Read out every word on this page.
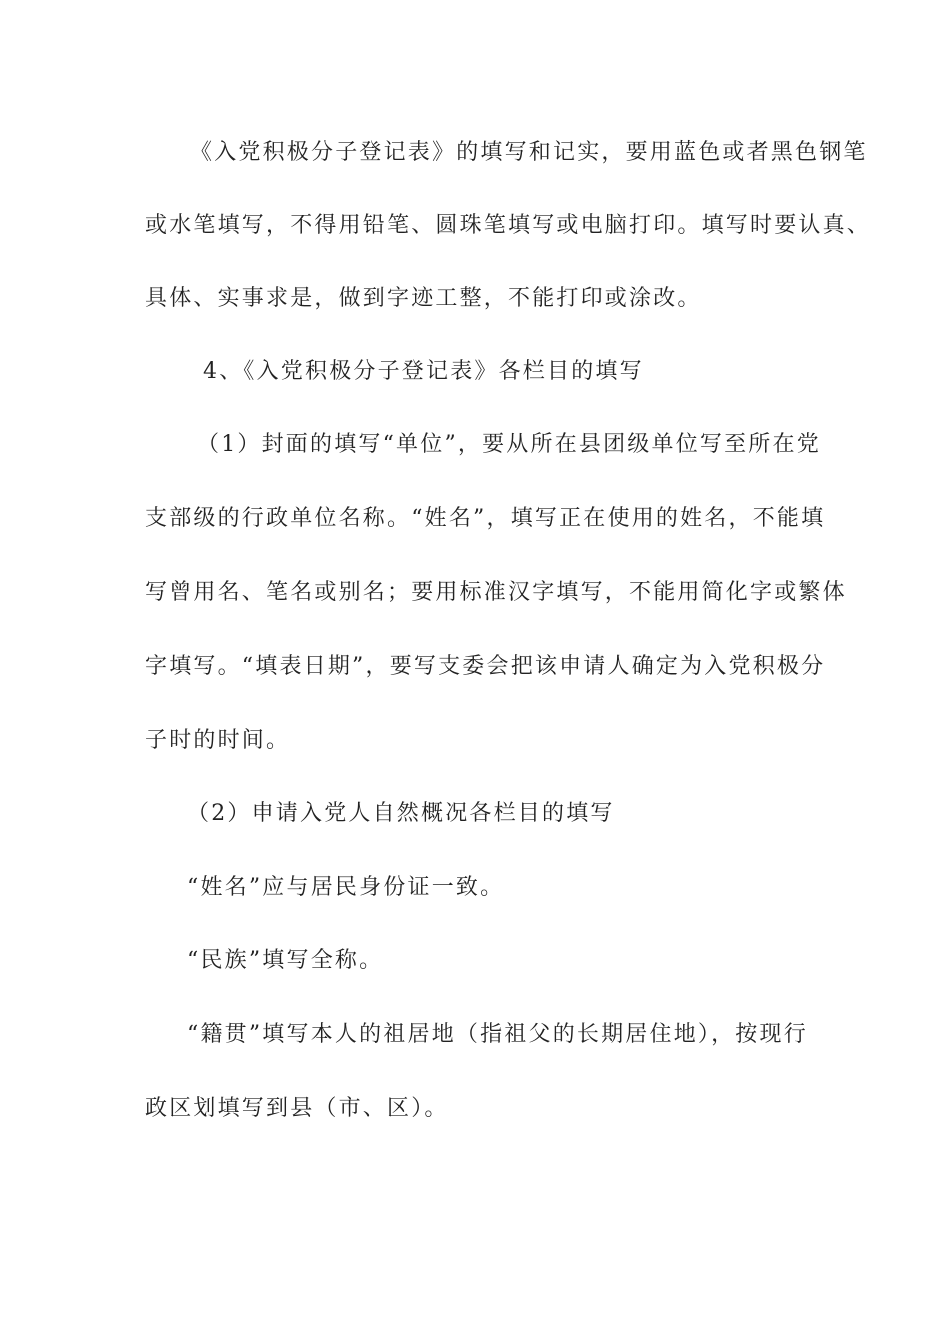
《入党积极分子登记表》的填写和记实，要用蓝色或者黑色钢笔
或水笔填写，不得用铅笔、圆珠笔填写或电脑打印。填写时要认真、
具体、实事求是，做到字迹工整，不能打印或涂改。
4、《入党积极分子登记表》各栏目的填写
（1）封面的填写“单位”，要从所在县团级单位写至所在党
支部级的行政单位名称。“姓名”，填写正在使用的姓名，不能填
写曾用名、笔名或别名；要用标准汉字填写，不能用简化字或繁体
字填写。“填表日期”，要写支委会把该申请人确定为入党积极分
子时的时间。
（2）申请入党人自然概况各栏目的填写
“姓名”应与居民身份证一致。
“民族”填写全称。
“籍贯”填写本人的祖居地（指祖父的长期居住地），按现行
政区划填写到县（市、区）。
